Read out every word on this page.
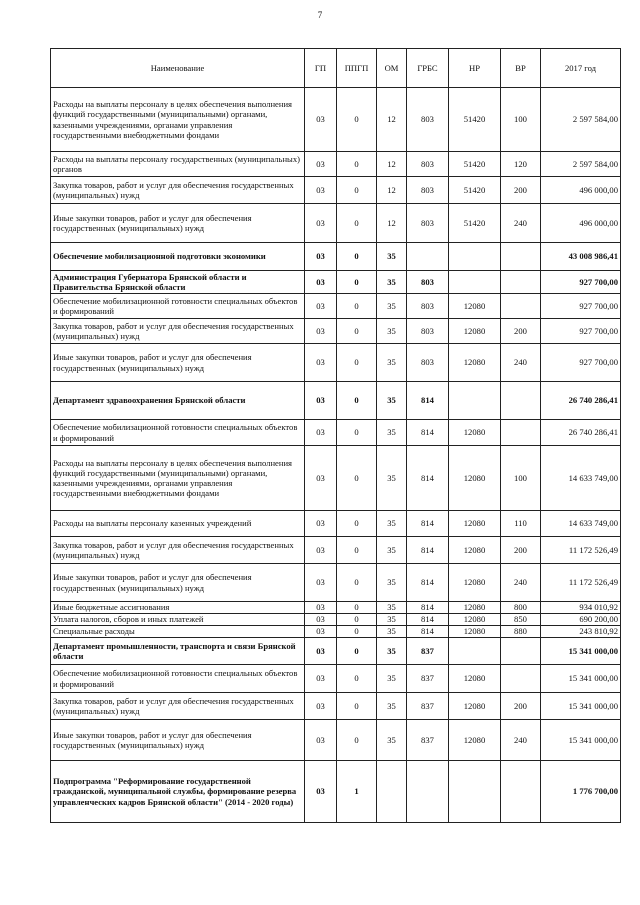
7
Наименование	ГП	ППГП	ОМ	ГРБС	НР	ВР	2017 год
Расходы на выплаты персоналу в целях обеспечения выполнения функций государственными (муниципальными) органами, казенными учреждениями, органами управления государственными внебюджетными фондами	03	0	12	803	51420	100	2 597 584,00
Расходы на выплаты персоналу государственных (муниципальных) органов	03	0	12	803	51420	120	2 597 584,00
Закупка товаров, работ и услуг для обеспечения государственных (муниципальных) нужд	03	0	12	803	51420	200	496 000,00
Иные закупки товаров, работ и услуг для обеспечения государственных (муниципальных) нужд	03	0	12	803	51420	240	496 000,00
Обеспечение мобилизационной подготовки экономики	03	0	35				43 008 986,41
Администрация Губернатора Брянской области и Правительства Брянской области	03	0	35	803			927 700,00
Обеспечение мобилизационной готовности специальных объектов и формирований	03	0	35	803	12080		927 700,00
Закупка товаров, работ и услуг для обеспечения государственных (муниципальных) нужд	03	0	35	803	12080	200	927 700,00
Иные закупки товаров, работ и услуг для обеспечения государственных (муниципальных) нужд	03	0	35	803	12080	240	927 700,00
Департамент здравоохранения Брянской области	03	0	35	814			26 740 286,41
Обеспечение мобилизационной готовности специальных объектов и формирований	03	0	35	814	12080		26 740 286,41
Расходы на выплаты персоналу в целях обеспечения выполнения функций государственными (муниципальными) органами, казенными учреждениями, органами управления государственными внебюджетными фондами	03	0	35	814	12080	100	14 633 749,00
Расходы на выплаты персоналу казенных учреждений	03	0	35	814	12080	110	14 633 749,00
Закупка товаров, работ и услуг для обеспечения государственных (муниципальных) нужд	03	0	35	814	12080	200	11 172 526,49
Иные закупки товаров, работ и услуг для обеспечения государственных (муниципальных) нужд	03	0	35	814	12080	240	11 172 526,49
Иные бюджетные ассигнования	03	0	35	814	12080	800	934 010,92
Уплата налогов, сборов и иных платежей	03	0	35	814	12080	850	690 200,00
Специальные расходы	03	0	35	814	12080	880	243 810,92
Департамент промышленности, транспорта и связи Брянской области	03	0	35	837			15 341 000,00
Обеспечение мобилизационной готовности специальных объектов и формирований	03	0	35	837	12080		15 341 000,00
Закупка товаров, работ и услуг для обеспечения государственных (муниципальных) нужд	03	0	35	837	12080	200	15 341 000,00
Иные закупки товаров, работ и услуг для обеспечения государственных (муниципальных) нужд	03	0	35	837	12080	240	15 341 000,00
Подпрограмма "Реформирование государственной гражданской, муниципальной службы, формирование резерва управленческих кадров Брянской области" (2014 - 2020 годы)	03	1					1 776 700,00
